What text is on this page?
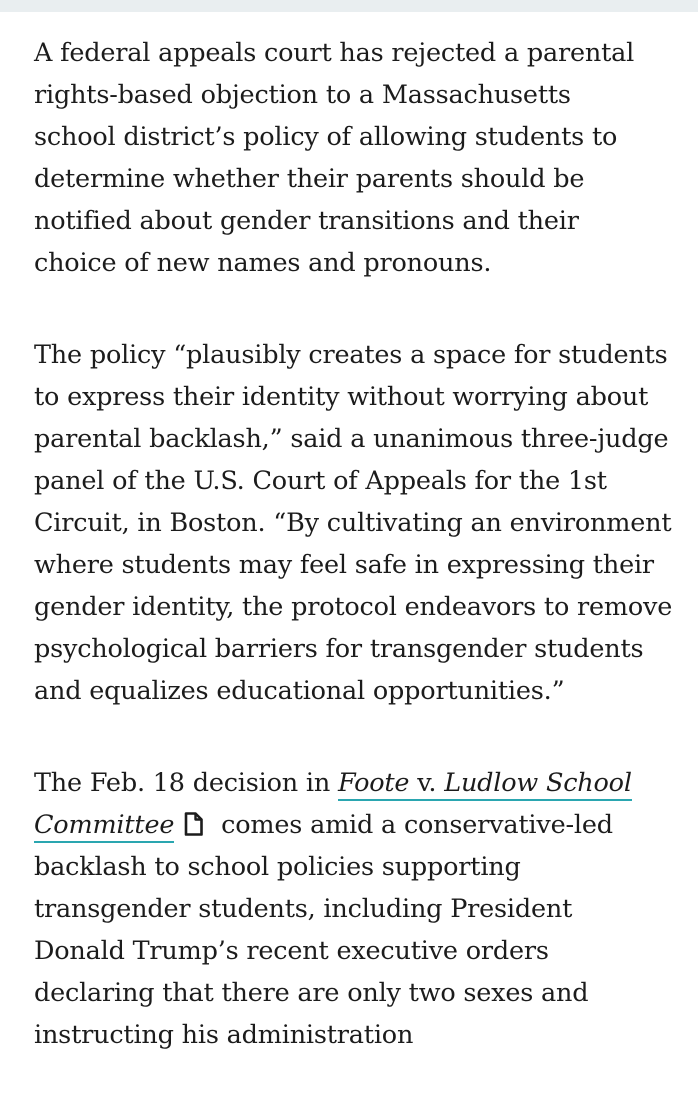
A federal appeals court has rejected a parental rights-based objection to a Massachusetts school district’s policy of allowing students to determine whether their parents should be notified about gender transitions and their choice of new names and pronouns.

The policy “plausibly creates a space for students to express their identity without worrying about parental backlash,” said a unanimous three-judge panel of the U.S. Court of Appeals for the 1st Circuit, in Boston. “By cultivating an environment where students may feel safe in expressing their gender identity, the protocol endeavors to remove psychological barriers for transgender students and equalizes educational opportunities.”

The Feb. 18 decision in Foote v. Ludlow School Committee comes amid a conservative-led backlash to school policies supporting transgender students, including President Donald Trump’s recent executive orders declaring that there are only two sexes and instructing his administration
